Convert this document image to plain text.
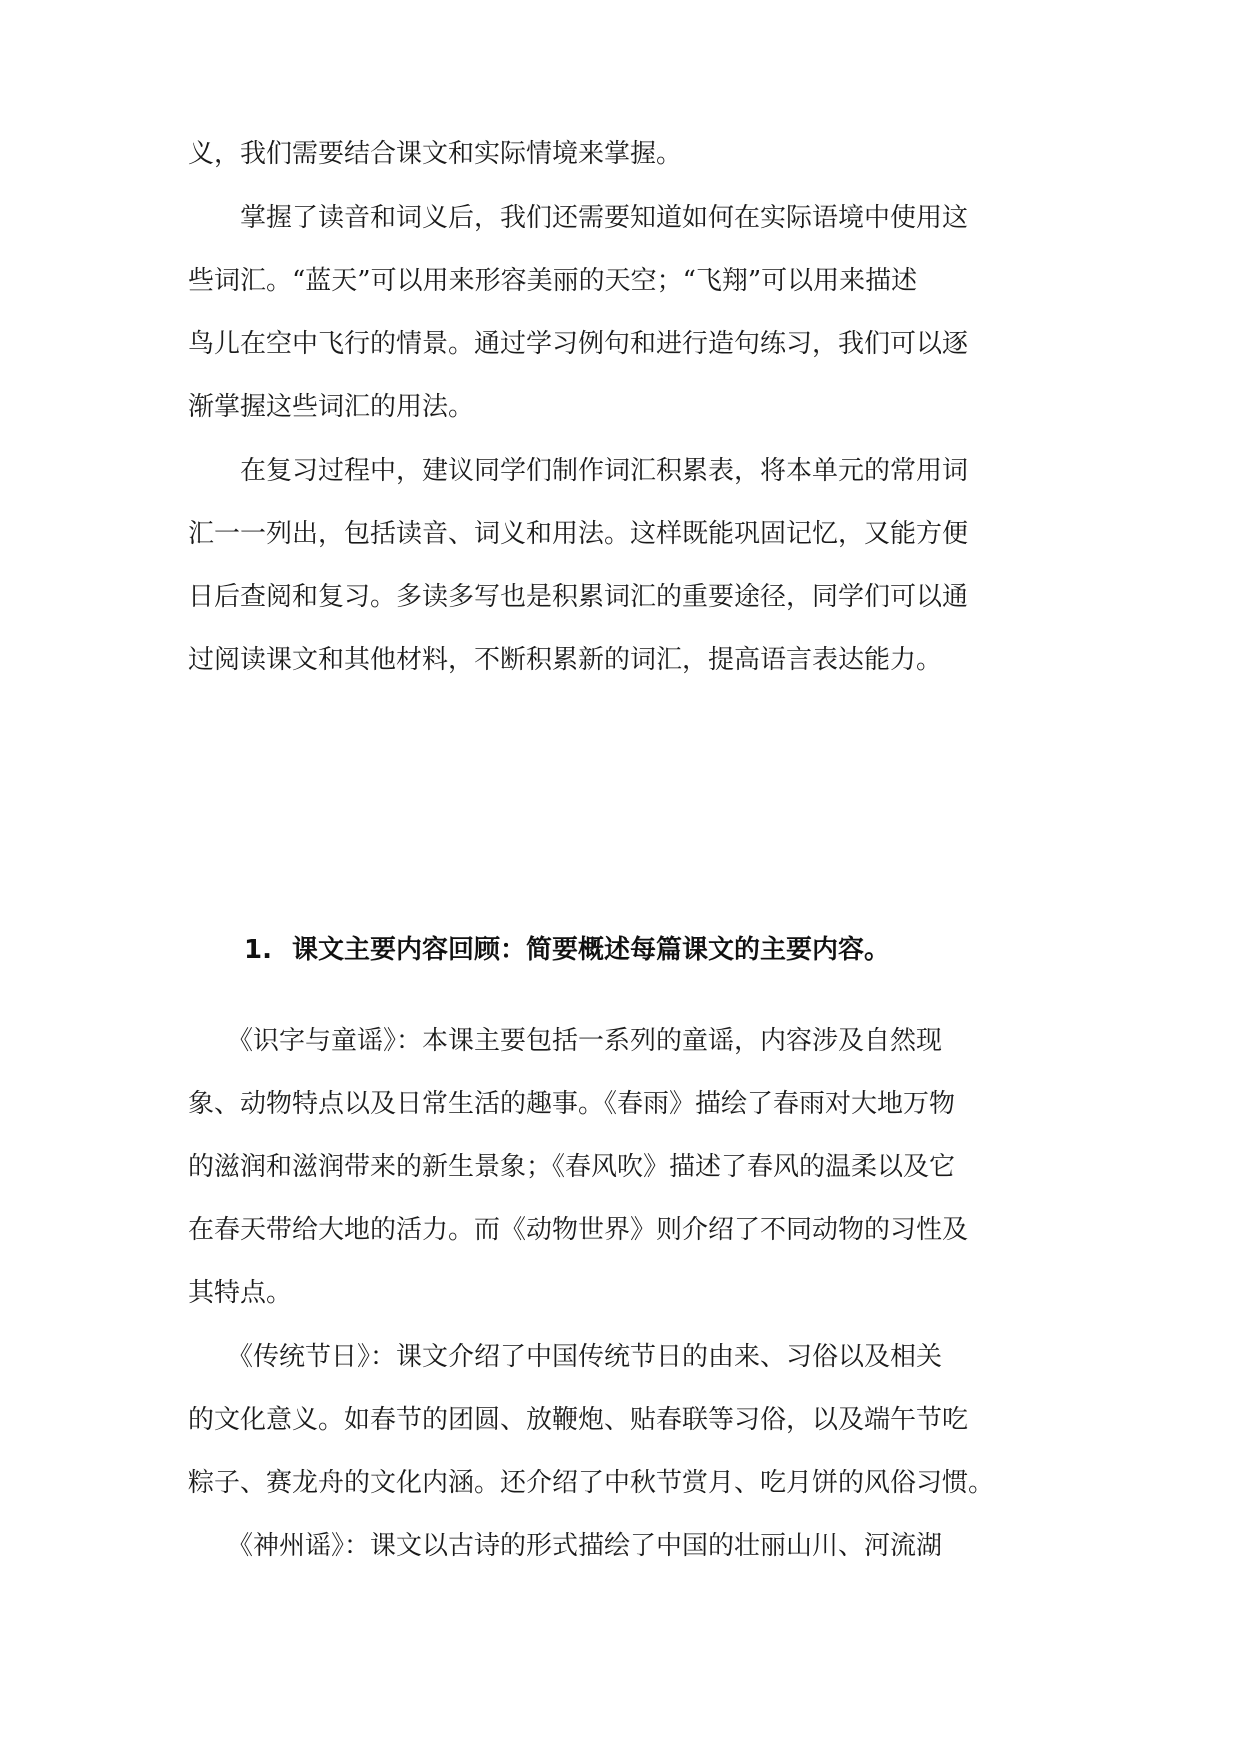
义，我们需要结合课文和实际情境来掌握。
　　掌握了读音和词义后，我们还需要知道如何在实际语境中使用这
些词汇。“蓝天”可以用来形容美丽的天空；“飞翔”可以用来描述
鸟儿在空中飞行的情景。通过学习例句和进行造句练习，我们可以逐
渐掌握这些词汇的用法。
　　在复习过程中，建议同学们制作词汇积累表，将本单元的常用词
汇一一列出，包括读音、词义和用法。这样既能巩固记忆，又能方便
日后查阅和复习。多读多写也是积累词汇的重要途径，同学们可以通
过阅读课文和其他材料，不断积累新的词汇，提高语言表达能力。
1. 课文主要内容回顾：简要概述每篇课文的主要内容。
　　《识字与童谣》：本课主要包括一系列的童谣，内容涉及自然现
象、动物特点以及日常生活的趣事。《春雨》描绘了春雨对大地万物
的滋润和滋润带来的新生景象；《春风吹》描述了春风的温柔以及它
在春天带给大地的活力。而《动物世界》则介绍了不同动物的习性及
其特点。
　　《传统节日》：课文介绍了中国传统节日的由来、习俗以及相关
的文化意义。如春节的团圆、放鞭炮、贴春联等习俗，以及端午节吃
粽子、赛龙舟的文化内涵。还介绍了中秋节赏月、吃月饼的风俗习惯。
　　《神州谣》：课文以古诗的形式描绘了中国的壮丽山川、河流湖
